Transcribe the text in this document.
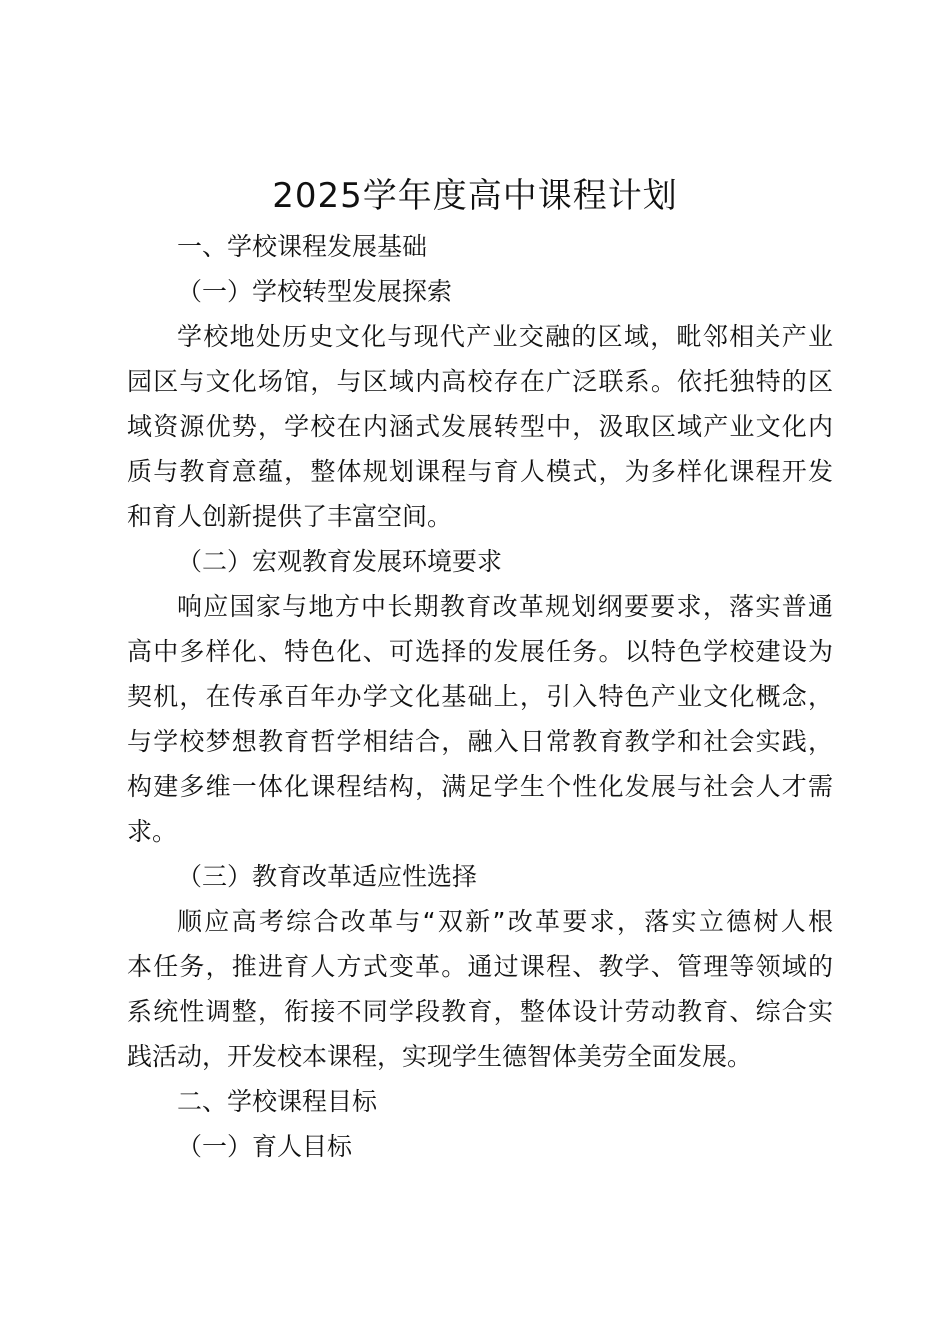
2025学年度高中课程计划
一、学校课程发展基础
（一）学校转型发展探索

学校地处历史文化与现代产业交融的区域，毗邻相关产业
园区与文化场馆，与区域内高校存在广泛联系。依托独特的区
域资源优势，学校在内涵式发展转型中，汲取区域产业文化内
质与教育意蕴，整体规划课程与育人模式，为多样化课程开发
和育人创新提供了丰富空间。

（二）宏观教育发展环境要求

响应国家与地方中长期教育改革规划纲要要求，落实普通
高中多样化、特色化、可选择的发展任务。以特色学校建设为
契机，在传承百年办学文化基础上，引入特色产业文化概念，
与学校梦想教育哲学相结合，融入日常教育教学和社会实践，
构建多维一体化课程结构，满足学生个性化发展与社会人才需
求。

（三）教育改革适应性选择

顺应高考综合改革与“双新”改革要求，落实立德树人根
本任务，推进育人方式变革。通过课程、教学、管理等领域的
系统性调整，衔接不同学段教育，整体设计劳动教育、综合实
践活动，开发校本课程，实现学生德智体美劳全面发展。

二、学校课程目标
（一）育人目标
